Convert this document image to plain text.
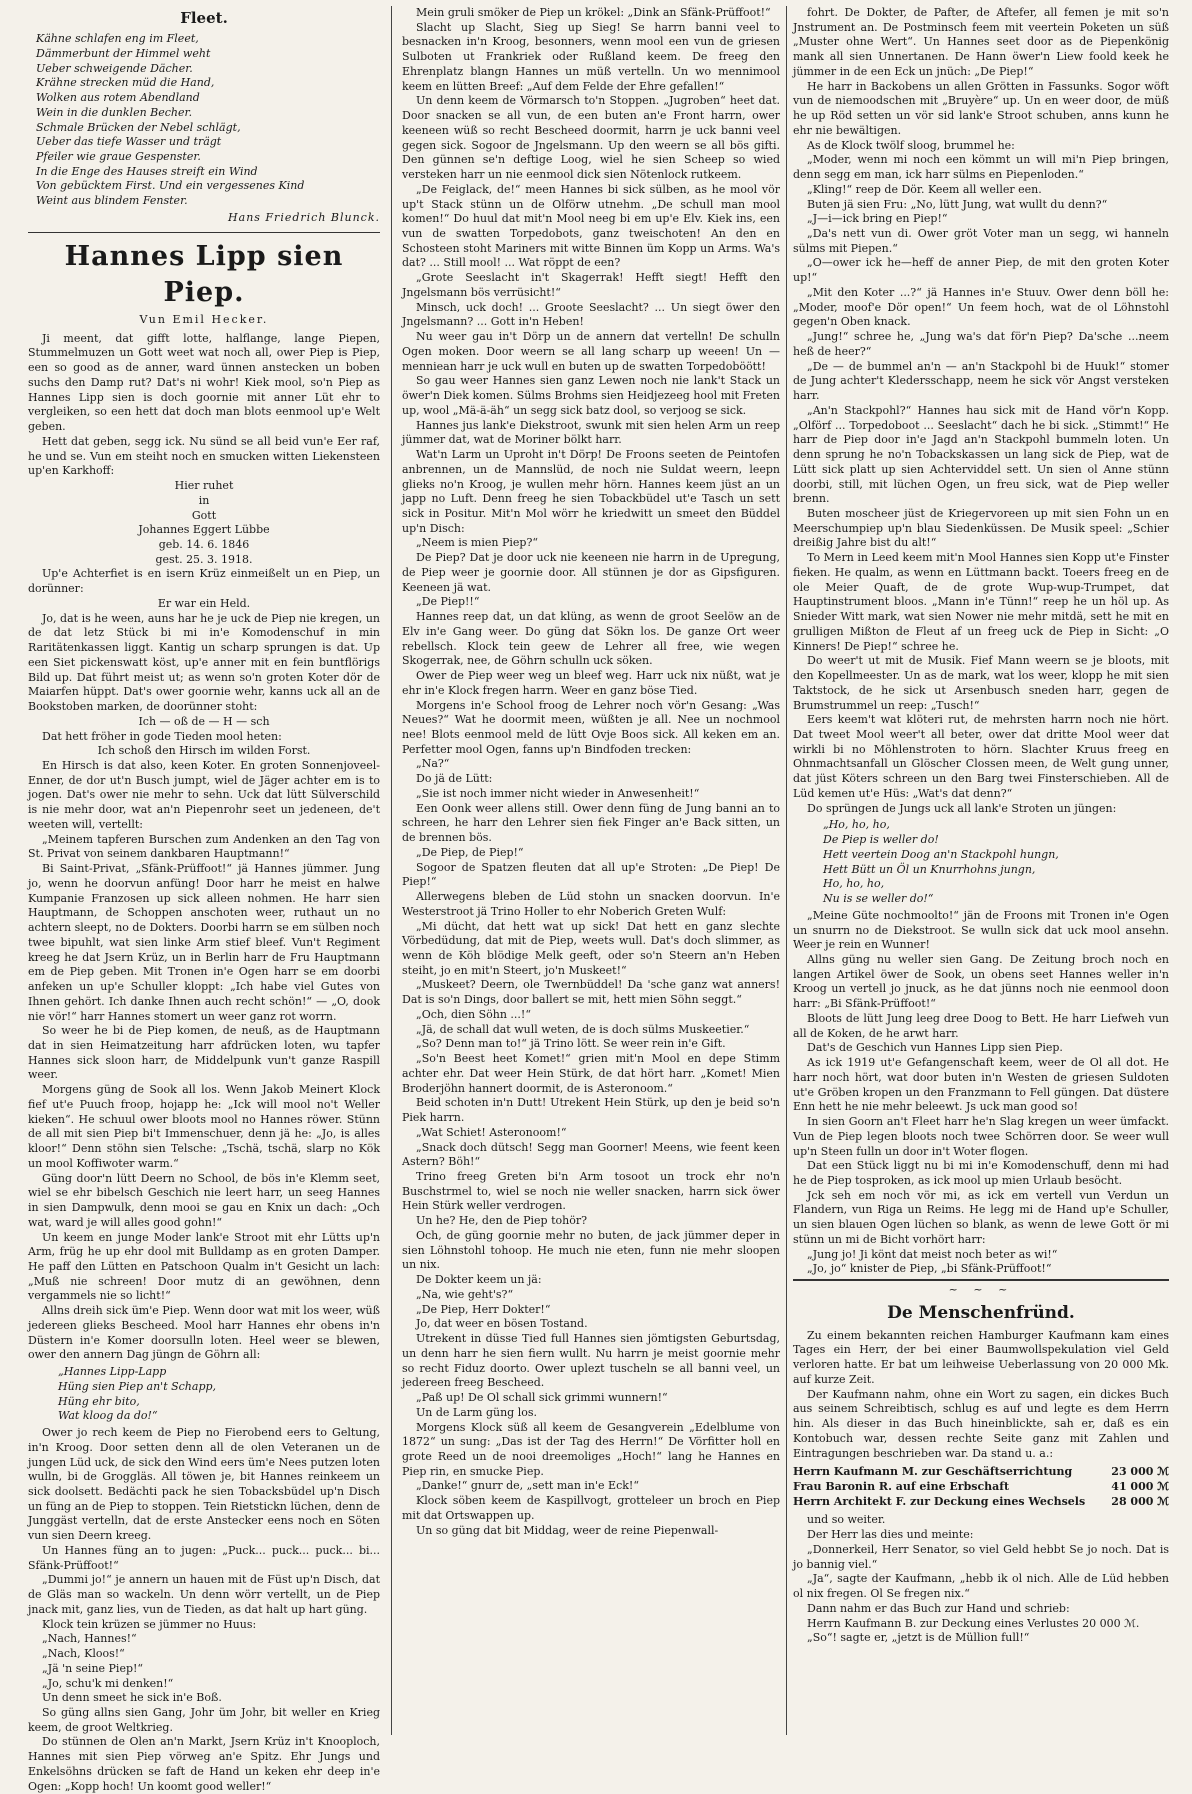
Fleet.
Kähne schlafen eng im Fleet,
Dämmerbunt der Himmel weht
Ueber schweigende Dächer.
Krähne strecken müd die Hand,
Wolken aus rotem Abendland
Wein in die dunklen Becher.
Schmale Brücken der Nebel schlägt,
Ueber das tiefe Wasser und trägt
Pfeiler wie graue Gespenster.
In die Enge des Hauses streift ein Wind
Von gebücktem First. Und ein vergessenes Kind
Weint aus blindem Fenster.
Hans Friedrich Blunck.
Hannes Lipp sien Piep.
Vun Emil Hecker.

Ji meent, dat gifft lotte, halflange, lange Piepen, Stummelmuzen un Gott weet wat noch all, ower Piep is Piep, een so good as de anner, ward ünnen anstecken un boben suchs den Damp rut? Dat's ni wohr! Kiek mool, so'n Piep as Hannes Lipp sien is doch goornie mit anner Lüt ehr to vergleiken, so een hett dat doch man blots eenmool up'e Welt geben.

Hett dat geben, segg ick. Nu sünd se all beid vun'e Eer raf, he und se. Vun em steiht noch en smucken witten Liekensteen up'en Karkhoff:

Hier ruhet
in
Gott
Johannes Eggert Lübbe
geb. 14. 6. 1846
gest. 25. 3. 1918.

Up'e Achterfiet is en isern Krüz einmeißelt un en Piep, un dorünner:

Er war ein Held.

Jo, dat is he ween, auns har he je uck de Piep nie kregen, un de dat letz Stück bi mi in'e Komodenschuf in min Raritätenkassen liggt. Kantig un scharp sprungen is dat. Up een Siet pickenswatt köst, up'e anner mit en fein buntflörigs Bild up. Dat führt meist ut; as wenn so'n groten Koter dör de Maiarfen hüppt. Dat's ower goornie wehr, kanns uck all an de Bookstoben marken, de doorünner stoht:

Ich — oß de — H — sch

Dat hett fröher in gode Tieden mool heten:

Ich schoß den Hirsch im wilden Forst.

En Hirsch is dat also, keen Koter. En groten Sonnenjoveel-Enner, de dor ut'n Busch jumpt, wiel de Jäger achter em is to jogen. Dat's ower nie mehr to sehn. Uck dat lütt Sülverschild is nie mehr door, wat an'n Piepenrohr seet un jedeneen, de't weeten will, vertellt:

„Meinem tapferen Burschen zum Andenken an den Tag von St. Privat von seinem dankbaren Hauptmann!“

Bi Saint-Privat, „Sfänk-Prüffoot!“ jä Hannes jümmer. Jung jo, wenn he doorvun anfüng! Door harr he meist en halwe Kumpanie Franzosen up sick alleen nohmen. He harr sien Hauptmann, de Schoppen anschoten weer, ruthaut un no achtern sleept, no de Dokters. Doorbi harrn se em sülben noch twee bipuhlt, wat sien linke Arm stief bleef. Vun't Regiment kreeg he dat Jsern Krüz, un in Berlin harr de Fru Hauptmann em de Piep geben. Mit Tronen in'e Ogen harr se em doorbi anfeken un up'e Schuller kloppt: „Ich habe viel Gutes von Ihnen gehört. Ich danke Ihnen auch recht schön!“ — „O, dook nie vör!“ harr Hannes stomert un weer ganz rot worrn.

So weer he bi de Piep komen, de neuß, as de Hauptmann dat in sien Heimatzeitung harr afdrücken loten, wu tapfer Hannes sick sloon harr, de Middelpunk vun't ganze Raspill weer.

Morgens güng de Sook all los. Wenn Jakob Meinert Klock fief ut'e Puuch froop, hojapp he: „Ick will mool no't Weller kieken“. He schuul ower bloots mool no Hannes röwer. Stünn de all mit sien Piep bi't Immenschuer, denn jä he: „Jo, is alles kloor!“ Denn stöhn sien Telsche: „Tschä, tschä, slarp no Kök un mool Koffiwoter warm.“

Güng door'n lütt Deern no School, de bös in'e Klemm seet, wiel se ehr bibelsch Geschich nie leert harr, un seeg Hannes in sien Dampwulk, denn mooi se gau en Knix un dach: „Och wat, ward je will alles good gohn!“

Un keem en junge Moder lank'e Stroot mit ehr Lütts up'n Arm, früg he up ehr dool mit Bulldamp as en groten Damper. He paff den Lütten en Patschoon Qualm in't Gesicht un lach: „Muß nie schreen! Door mutz di an gewöhnen, denn vergammels nie so licht!“

Allns dreih sick üm'e Piep. Wenn door wat mit los weer, wüß jedereen glieks Bescheed. Mool harr Hannes ehr obens in'n Düstern in'e Komer doorsulln loten. Heel weer se blewen, ower den annern Dag jüngn de Göhrn all:

„Hannes Lipp-Lapp
Hüng sien Piep an't Schapp,
Hüng ehr bito,
Wat kloog da do!“

Ower jo rech keem de Piep no Fierobend eers to Geltung, in'n Kroog. Door setten denn all de olen Veteranen un de jungen Lüd uck, de sick den Wind eers üm'e Nees putzen loten wulln, bi de Groggläs. All töwen je, bit Hannes reinkeem un sick doolsett. Bedächti pack he sien Tobacksbüdel up'n Disch un füng an de Piep to stoppen. Tein Rietstickn lüchen, denn de Junggäst vertelln, dat de erste Anstecker eens noch en Söten vun sien Deern kreeg.

Un Hannes füng an to jugen: „Puck... puck... puck... bi... Sfänk-Prüffoot!“

„Dummi jo!“ je annern un hauen mit de Füst up'n Disch, dat de Gläs man so wackeln. Un denn wörr vertellt, un de Piep jnack mit, ganz lies, vun de Tieden, as dat halt up hart güng.

Klock tein krüzen se jümmer no Huus:

„Nach, Hannes!“

„Nach, Kloos!“

„Jä 'n seine Piep!“

„Jo, schu'k mi denken!“

Un denn smeet he sick in'e Boß.

So güng allns sien Gang, Johr üm Johr, bit weller en Krieg keem, de groot Weltkrieg.

Do stünnen de Olen an'n Markt, Jsern Krüz in't Knooploch, Hannes mit sien Piep vörweg an'e Spitz. Ehr Jungs und Enkelsöhns drücken se faft de Hand un keken ehr deep in'e Ogen: „Kopp hoch! Un koomt good weller!“

Mein gruli smöker de Piep un krökel: „Dink an Sfänk-Prüffoot!“

Slacht up Slacht, Sieg up Sieg! Se harrn banni veel to besnacken in'n Kroog, besonners, wenn mool een vun de griesen Sulboten ut Frankriek oder Rußland keem. De freeg den Ehrenplatz blangn Hannes un müß vertelln. Un wo mennimool keem en lütten Breef: „Auf dem Felde der Ehre gefallen!“

Un denn keem de Vörmarsch to'n Stoppen. „Jugroben“ heet dat. Door snacken se all vun, de een buten an'e Front harrn, ower keeneen wüß so recht Bescheed doormit, harrn je uck banni veel gegen sick. Sogoor de Jngelsmann. Up den weern se all bös gifti. Den günnen se'n deftige Loog, wiel he sien Scheep so wied versteken harr un nie eenmool dick sien Nötenlock rutkeem.

„De Feiglack, de!“ meen Hannes bi sick sülben, as he mool vör up't Stack stünn un de Olförw utnehm. „De schull man mool komen!“ Do huul dat mit'n Mool neeg bi em up'e Elv. Kiek ins, een vun de swatten Torpedobots, ganz tweischoten! An den en Schosteen stoht Mariners mit witte Binnen üm Kopp un Arms. Wa's dat? ... Still mool! ... Wat röppt de een?

„Grote Seeslacht in't Skagerrak! Hefft siegt! Hefft den Jngelsmann bös verrüsicht!“

Minsch, uck doch! ... Groote Seeslacht? ... Un siegt öwer den Jngelsmann? ... Gott in'n Heben!

Nu weer gau in't Dörp un de annern dat vertelln! De schulln Ogen moken. Door weern se all lang scharp up weeen! Un — menniean harr je uck wull en buten up de swatten Torpedoböött!

So gau weer Hannes sien ganz Lewen noch nie lank't Stack un öwer'n Diek komen. Sülms Brohms sien Heidjezeeg hool mit Freten up, wool „Mä-ä-äh“ un segg sick batz dool, so verjoog se sick.

Hannes jus lank'e Diekstroot, swunk mit sien helen Arm un reep jümmer dat, wat de Moriner bölkt harr.

Wat'n Larm un Uproht in't Dörp! De Froons seeten de Peintofen anbrennen, un de Mannslüd, de noch nie Suldat weern, leepn glieks no'n Kroog, je wullen mehr hörn. Hannes keem jüst an un japp no Luft. Denn freeg he sien Tobackbüdel ut'e Tasch un sett sick in Positur. Mit'n Mol wörr he kriedwitt un smeet den Büddel up'n Disch:

„Neem is mien Piep?“

De Piep? Dat je door uck nie keeneen nie harrn in de Upregung, de Piep weer je goornie door. All stünnen je dor as Gipsfiguren. Keeneen jä wat.

„De Piep!!“

Hannes reep dat, un dat klüng, as wenn de groot Seelöw an de Elv in'e Gang weer. Do güng dat Sökn los. De ganze Ort weer rebellsch. Klock tein geew de Lehrer all free, wie wegen Skogerrak, nee, de Göhrn schulln uck söken.

Ower de Piep weer weg un bleef weg. Harr uck nix nüßt, wat je ehr in'e Klock fregen harrn. Weer en ganz böse Tied.

Morgens in'e School froog de Lehrer noch vör'n Gesang: „Was Neues?“ Wat he doormit meen, wüßten je all. Nee un nochmool nee! Blots eenmool meld de lütt Ovje Boos sick. All keken em an. Perfetter mool Ogen, fanns up'n Bindfoden trecken:

„Na?“

Do jä de Lütt:

„Sie ist noch immer nicht wieder in Anwesenheit!“

Een Oonk weer allens still. Ower denn füng de Jung banni an to schreen, he harr den Lehrer sien fiek Finger an'e Back sitten, un de brennen bös.

„De Piep, de Piep!“

Sogoor de Spatzen fleuten dat all up'e Stroten: „De Piep! De Piep!“

Allerwegens bleben de Lüd stohn un snacken doorvun. In'e Westerstroot jä Trino Holler to ehr Noberich Greten Wulf:

„Mi dücht, dat hett wat up sick! Dat hett en ganz slechte Vörbedüdung, dat mit de Piep, weets wull. Dat's doch slimmer, as wenn de Köh blödige Melk geeft, oder so'n Steern an'n Heben steiht, jo en mit'n Steert, jo'n Muskeet!“

„Muskeet? Deern, ole Twernbüddel! Da 'sche ganz wat anners! Dat is so'n Dings, door ballert se mit, hett mien Söhn seggt.“

„Och, dien Söhn ...!“

„Jä, de schall dat wull weten, de is doch sülms Muskeetier.“

„So? Denn man to!“ jä Trino lött. Se weer rein in'e Gift.

„So'n Beest heet Komet!“ grien mit'n Mool en depe Stimm achter ehr. Dat weer Hein Stürk, de dat hört harr. „Komet! Mien Broderjöhn hannert doormit, de is Asteronoom.“

Beid schoten in'n Dutt! Utrekent Hein Stürk, up den je beid so'n Piek harrn.

„Wat Schiet! Asteronoom!“

„Snack doch dütsch! Segg man Goorner! Meens, wie feent keen Astern? Böh!“

Trino freeg Greten bi'n Arm tosoot un trock ehr no'n Buschstrmel to, wiel se noch nie weller snacken, harrn sick öwer Hein Stürk weller verdrogen.

Un he? He, den de Piep tohör?

Och, de güng goornie mehr no buten, de jack jümmer deper in sien Löhnstohl tohoop. He much nie eten, funn nie mehr sloopen un nix.

De Dokter keem un jä:

„Na, wie geht's?“

„De Piep, Herr Dokter!“

Jo, dat weer en bösen Tostand.

Utrekent in düsse Tied full Hannes sien jömtigsten Geburtsdag, un denn harr he sien fiern wullt. Nu harrn je meist goornie mehr so recht Fiduz doorto. Ower uplezt tuscheln se all banni veel, un jedereen freeg Bescheed.

„Paß up! De Ol schall sick grimmi wunnern!“

Un de Larm güng los.

Morgens Klock süß all keem de Gesangverein „Edelblume von 1872“ un sung: „Das ist der Tag des Herrn!“ De Vörfitter holl en grote Reed un de nooi dreemoliges „Hoch!“ lang he Hannes en Piep rin, en smucke Piep.

„Danke!“ gnurr de, „sett man in'e Eck!“

Klock söben keem de Kaspillvogt, grotteleer un broch en Piep mit dat Ortswappen up.

Un so güng dat bit Middag, weer de reine Piepenwall-

fohrt. De Dokter, de Pafter, de Aftefer, all femen je mit so'n Jnstrument an. De Postminsch feem mit veertein Poketen un süß „Muster ohne Wert“. Un Hannes seet door as de Piepenkönig mank all sien Unnertanen. De Hann öwer'n Liew foold keek he jümmer in de een Eck un jnüch: „De Piep!“

He harr in Backobens un allen Grötten in Fassunks. Sogor wöft vun de niemoodschen mit „Bruyère“ up. Un en weer door, de müß he up Röd setten un vör sid lank'e Stroot schuben, anns kunn he ehr nie bewältigen.

As de Klock twölf sloog, brummel he:

„Moder, wenn mi noch een kömmt un will mi'n Piep bringen, denn segg em man, ick harr sülms en Piepenloden.“

„Kling!“ reep de Dör. Keem all weller een.

Buten jä sien Fru: „No, lütt Jung, wat wullt du denn?“

„J—i—ick bring en Piep!“

„Da's nett vun di. Ower gröt Voter man un segg, wi hanneln sülms mit Piepen.“

„O—ower ick he—heff de anner Piep, de mit den groten Koter up!“

„Mit den Koter ...?“ jä Hannes in'e Stuuv. Ower denn böll he: „Moder, moof'e Dör open!“ Un feem hoch, wat de ol Löhnstohl gegen'n Oben knack.

„Jung!“ schree he, „Jung wa's dat för'n Piep? Da'sche ...neem heß de heer?“

„De — de bummel an'n — an'n Stackpohl bi de Huuk!“ stomer de Jung achter't Kledersschapp, neem he sick vör Angst versteken harr.

„An'n Stackpohl?“ Hannes hau sick mit de Hand vör'n Kopp. „Olförf ... Torpedoboot ... Seeslacht“ dach he bi sick. „Stimmt!“ He harr de Piep door in'e Jagd an'n Stackpohl bummeln loten. Un denn sprung he no'n Tobackskassen un lang sick de Piep, wat de Lütt sick platt up sien Achterviddel sett. Un sien ol Anne stünn doorbi, still, mit lüchen Ogen, un freu sick, wat de Piep weller brenn.

Buten moscheer jüst de Kriegervoreen up mit sien Fohn un en Meerschumpiep up'n blau Siedenküssen. De Musik speel: „Schier dreißig Jahre bist du alt!“

To Mern in Leed keem mit'n Mool Hannes sien Kopp ut'e Finster fieken. He qualm, as wenn en Lüttmann backt. Toeers freeg en de ole Meier Quaft, de de grote Wup-wup-Trumpet, dat Hauptinstrument bloos. „Mann in'e Tünn!“ reep he un höl up. As Snieder Witt mark, wat sien Nower nie mehr mitdä, sett he mit en grulligen Mißton de Fleut af un freeg uck de Piep in Sicht: „O Kinners! De Piep!“ schree he.

Do weer't ut mit de Musik. Fief Mann weern se je bloots, mit den Kopellmeester. Un as de mark, wat los weer, klopp he mit sien Taktstock, de he sick ut Arsenbusch sneden harr, gegen de Brumstrummel un reep: „Tusch!“

Eers keem't wat klöteri rut, de mehrsten harrn noch nie hört. Dat tweet Mool weer't all beter, ower dat dritte Mool weer dat wirkli bi no Möhlenstroten to hörn. Slachter Kruus freeg en Ohnmachtsanfall un Glöscher Clossen meen, de Welt gung unner, dat jüst Köters schreen un den Barg twei Finsterschieben. All de Lüd kemen ut'e Hüs: „Wat's dat denn?“

Do sprüngen de Jungs uck all lank'e Stroten un jüngen:

„Ho, ho, ho,
De Piep is weller do!
Hett veertein Doog an'n Stackpohl hungn,
Hett Bütt un Öl un Knurrhohns jungn,
Ho, ho, ho,
Nu is se weller do!“

„Meine Güte nochmoolto!“ jän de Froons mit Tronen in'e Ogen un snurrn no de Diekstroot. Se wulln sick dat uck mool ansehn. Weer je rein en Wunner!

Allns güng nu weller sien Gang. De Zeitung broch noch en langen Artikel öwer de Sook, un obens seet Hannes weller in'n Kroog un vertell jo jnuck, as he dat jünns noch nie eenmool doon harr: „Bi Sfänk-Prüffoot!“

Bloots de lütt Jung leeg dree Doog to Bett. He harr Liefweh vun all de Koken, de he arwt harr.

Dat's de Geschich vun Hannes Lipp sien Piep.

As ick 1919 ut'e Gefangenschaft keem, weer de Ol all dot. He harr noch hört, wat door buten in'n Westen de griesen Suldoten ut'e Gröben kropen un den Franzmann to Fell güngen. Dat düstere Enn hett he nie mehr beleewt. Js uck man good so!

In sien Goorn an't Fleet harr he'n Slag kregen un weer ümfackt. Vun de Piep legen bloots noch twee Schörren door. Se weer wull up'n Steen fulln un door in't Woter flogen.

Dat een Stück liggt nu bi mi in'e Komodenschuff, denn mi had he de Piep tosproken, as ick mool up mien Urlaub besöcht.

Jck seh em noch vör mi, as ick em vertell vun Verdun un Flandern, vun Riga un Reims. He legg mi de Hand up'e Schuller, un sien blauen Ogen lüchen so blank, as wenn de lewe Gott ör mi stünn un mi de Bicht vorhört harr:

„Jung jo! Ji könt dat meist noch beter as wi!“

„Jo, jo“ knister de Piep, „bi Sfänk-Prüffoot!“

~ ~ ~
De Menschenfründ.

Zu einem bekannten reichen Hamburger Kaufmann kam eines Tages ein Herr, der bei einer Baumwollspekulation viel Geld verloren hatte. Er bat um leihweise Ueberlassung von 20 000 Mk. auf kurze Zeit.

Der Kaufmann nahm, ohne ein Wort zu sagen, ein dickes Buch aus seinem Schreibtisch, schlug es auf und legte es dem Herrn hin. Als dieser in das Buch hineinblickte, sah er, daß es ein Kontobuch war, dessen rechte Seite ganz mit Zahlen und Eintragungen beschrieben war. Da stand u. a.:

Herrn Kaufmann M. zur Geschäftserrichtung	23 000 ℳ
Frau Baronin R. auf eine Erbschaft	41 000 ℳ
Herrn Architekt F. zur Deckung eines Wechsels 28 000 ℳ

und so weiter.

Der Herr las dies und meinte:

„Donnerkeil, Herr Senator, so viel Geld hebbt Se jo noch. Dat is jo bannig viel.“

„Ja“, sagte der Kaufmann, „hebb ik ol nich. Alle de Lüd hebben ol nix fregen. Ol Se fregen nix.“

Dann nahm er das Buch zur Hand und schrieb:

Herrn Kaufmann B. zur Deckung eines Verlustes 20 000 ℳ.

„So“! sagte er, „jetzt is de Müllion full!“
